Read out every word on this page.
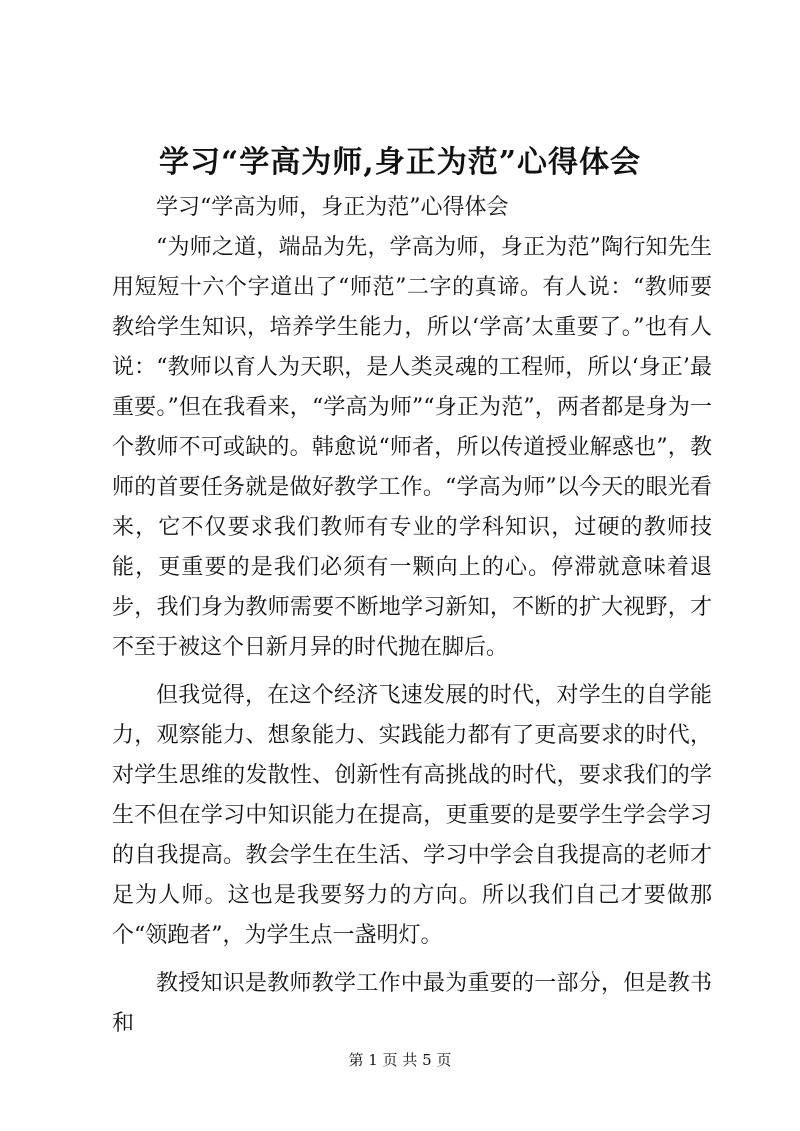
学习“学高为师,身正为范”心得体会

学习“学高为师，身正为范”心得体会

“为师之道，端品为先，学高为师，身正为范”陶行知先生用短短十六个字道出了“师范”二字的真谛。有人说：“教师要教给学生知识，培养学生能力，所以‘学高’太重要了。”也有人说：“教师以育人为天职，是人类灵魂的工程师，所以‘身正’最重要。”但在我看来，“学高为师”“身正为范”，两者都是身为一个教师不可或缺的。韩愈说“师者，所以传道授业解惑也”，教师的首要任务就是做好教学工作。“学高为师”以今天的眼光看来，它不仅要求我们教师有专业的学科知识，过硬的教师技能，更重要的是我们必须有一颗向上的心。停滞就意味着退步，我们身为教师需要不断地学习新知，不断的扩大视野，才不至于被这个日新月异的时代抛在脚后。

但我觉得，在这个经济飞速发展的时代，对学生的自学能力，观察能力、想象能力、实践能力都有了更高要求的时代，对学生思维的发散性、创新性有高挑战的时代，要求我们的学生不但在学习中知识能力在提高，更重要的是要学生学会学习的自我提高。教会学生在生活、学习中学会自我提高的老师才足为人师。这也是我要努力的方向。所以我们自己才要做那个“领跑者”，为学生点一盏明灯。

教授知识是教师教学工作中最为重要的一部分，但是教书和

第 1 页 共 5 页
